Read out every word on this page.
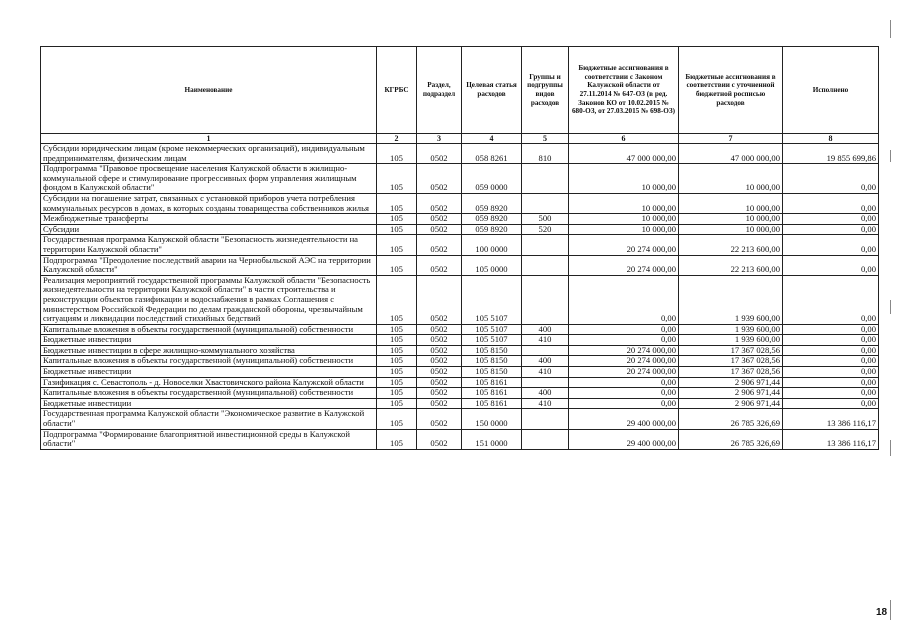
Наименование	КГРБС	Раздел, подраздел	Целевая статья расходов	Группы и подгруппы видов расходов	Бюджетные ассигнования в соответствии с Законом Калужской области от 27.11.2014 № 647-ОЗ (в ред. Законов КО от 10.02.2015 № 680-ОЗ, от 27.03.2015 № 698-ОЗ)	Бюджетные ассигнования в соответствии с уточненной бюджетной росписью расходов	Исполнено
1	2	3	4	5	6	7	8
Субсидии юридическим лицам (кроме некоммерческих организаций), индивидуальным предпринимателям, физическим лицам	105	0502	058 8261	810	47 000 000,00	47 000 000,00	19 855 699,86
Подпрограмма "Правовое просвещение населения Калужской области в жилищно-коммунальной сфере и стимулирование прогрессивных форм управления жилищным фондом в Калужской области"	105	0502	059 0000		10 000,00	10 000,00	0,00
Субсидии на погашение затрат, связанных с установкой приборов учета потребления коммунальных ресурсов в домах, в которых созданы товарищества собственников жилья	105	0502	059 8920		10 000,00	10 000,00	0,00
Межбюджетные трансферты	105	0502	059 8920	500	10 000,00	10 000,00	0,00
Субсидии	105	0502	059 8920	520	10 000,00	10 000,00	0,00
Государственная программа Калужской области "Безопасность жизнедеятельности на территории Калужской области"	105	0502	100 0000		20 274 000,00	22 213 600,00	0,00
Подпрограмма "Преодоление последствий аварии на Чернобыльской АЭС на территории Калужской области"	105	0502	105 0000		20 274 000,00	22 213 600,00	0,00
Реализация мероприятий государственной программы Калужской области "Безопасность жизнедеятельности на территории Калужской области" в части строительства и реконструкции объектов газификации и водоснабжения в рамках Соглашения с министерством Российской Федерации по делам гражданской обороны, чрезвычайным ситуациям и ликвидации последствий стихийных бедствий	105	0502	105 5107		0,00	1 939 600,00	0,00
Капитальные вложения в объекты государственной (муниципальной) собственности	105	0502	105 5107	400	0,00	1 939 600,00	0,00
Бюджетные инвестиции	105	0502	105 5107	410	0,00	1 939 600,00	0,00
Бюджетные инвестиции в сфере жилищно-коммунального хозяйства	105	0502	105 8150		20 274 000,00	17 367 028,56	0,00
Капитальные вложения в объекты государственной (муниципальной) собственности	105	0502	105 8150	400	20 274 000,00	17 367 028,56	0,00
Бюджетные инвестиции	105	0502	105 8150	410	20 274 000,00	17 367 028,56	0,00
Газификация с. Севастополь - д. Новоселки Хвастовичского района Калужской области	105	0502	105 8161		0,00	2 906 971,44	0,00
Капитальные вложения в объекты государственной (муниципальной) собственности	105	0502	105 8161	400	0,00	2 906 971,44	0,00
Бюджетные инвестиции	105	0502	105 8161	410	0,00	2 906 971,44	0,00
Государственная программа Калужской области "Экономическое развитие в Калужской области"	105	0502	150 0000		29 400 000,00	26 785 326,69	13 386 116,17
Подпрограмма "Формирование благоприятной инвестиционной среды в Калужской области"	105	0502	151 0000		29 400 000,00	26 785 326,69	13 386 116,17
18
